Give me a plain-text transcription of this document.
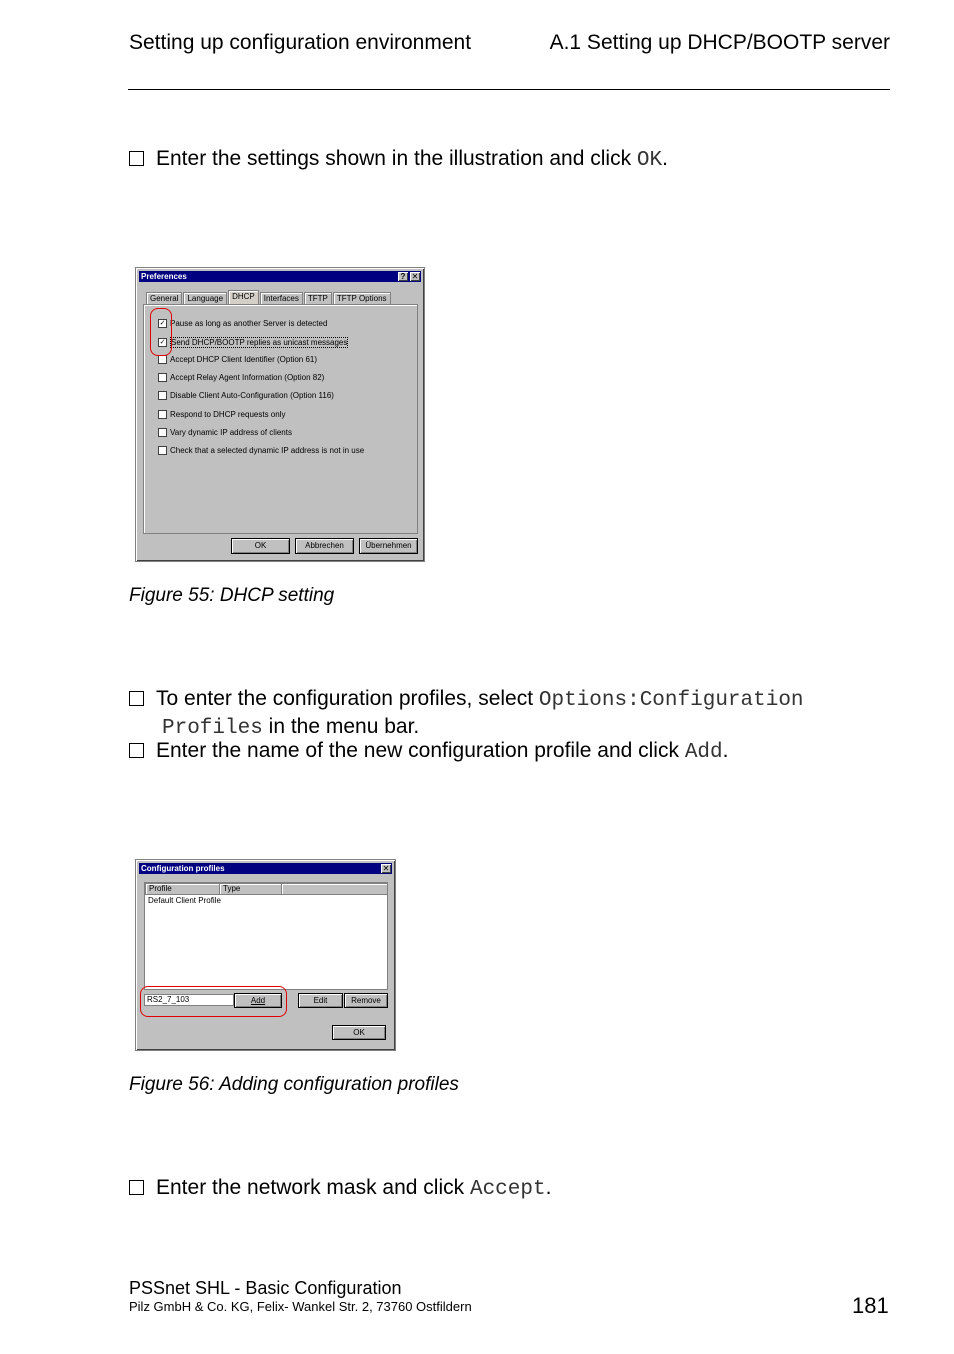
Setting up configuration environment	A.1 Setting up DHCP/BOOTP server
Enter the settings shown in the illustration and click OK.
Preferences	? ✕
General	Language	DHCP	Interfaces	TFTP	TFTP Options
✓ Pause as long as another Server is detected
✓ Send DHCP/BOOTP replies as unicast messages
Accept DHCP Client Identifier (Option 61)
Accept Relay Agent Information (Option 82)
Disable Client Auto-Configuration (Option 116)
Respond to DHCP requests only
Vary dynamic IP address of clients
Check that a selected dynamic IP address is not in use
OK	Abbrechen	Übernehmen
Figure 55: DHCP setting
To enter the configuration profiles, select Options:Configuration
Profiles in the menu bar.
Enter the name of the new configuration profile and click Add.
Configuration profiles	✕
Profile	Type
Default Client Profile
RS2_7_103	Add	Edit	Remove
OK
Figure 56: Adding configuration profiles
Enter the network mask and click Accept.
PSSnet SHL - Basic Configuration
Pilz GmbH & Co. KG, Felix- Wankel Str. 2, 73760 Ostfildern	181
